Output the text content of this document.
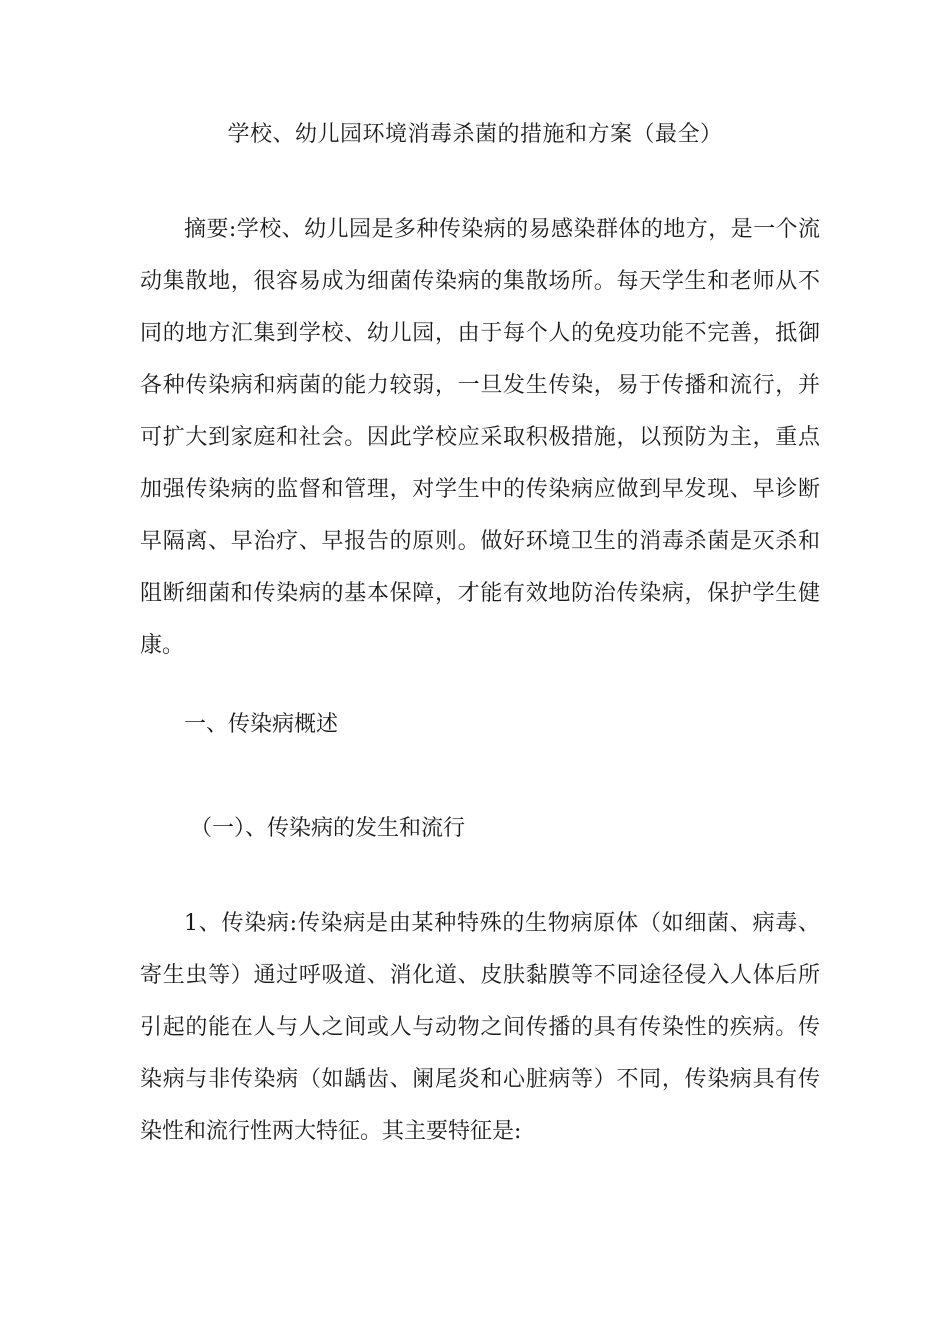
学校、幼儿园环境消毒杀菌的措施和方案（最全）

摘要:学校、幼儿园是多种传染病的易感染群体的地方，是一个流动集散地，很容易成为细菌传染病的集散场所。每天学生和老师从不同的地方汇集到学校、幼儿园，由于每个人的免疫功能不完善，抵御各种传染病和病菌的能力较弱，一旦发生传染，易于传播和流行，并可扩大到家庭和社会。因此学校应采取积极措施，以预防为主，重点加强传染病的监督和管理，对学生中的传染病应做到早发现、早诊断早隔离、早治疗、早报告的原则。做好环境卫生的消毒杀菌是灭杀和阻断细菌和传染病的基本保障，才能有效地防治传染病，保护学生健康。

一、传染病概述
（一）、传染病的发生和流行

1、传染病:传染病是由某种特殊的生物病原体（如细菌、病毒、寄生虫等）通过呼吸道、消化道、皮肤黏膜等不同途径侵入人体后所引起的能在人与人之间或人与动物之间传播的具有传染性的疾病。传染病与非传染病（如龋齿、阑尾炎和心脏病等）不同，传染病具有传染性和流行性两大特征。其主要特征是:
